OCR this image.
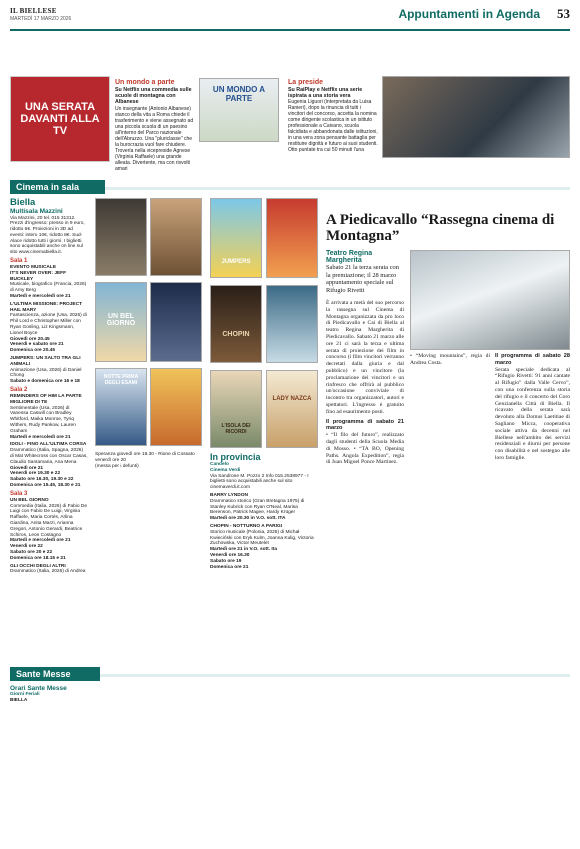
IL BIELLESE
MARTEDÌ 17 MARZO 2026	Appuntamenti in Agenda 53
UNA SERATA DAVANTI ALLA TV
Un mondo a parte
Su Netflix una commedia sulle scuole di montagna con Albanese
Un insegnante (Antonio Albanese) stanco della vita a Roma chiede il trasferimento e viene assegnato ad una piccola scuola di un paesino all'interno del Parco nazionale dell'Abruzzo. Una "pluriclasse" che la burocrazia vuol fare chiudere. Trovería nella vicepreside Agnese (Virginia Raffaele) una grande alleata. Divertente, ma con risvolti amari
UN MONDO A PARTE
La preside
Su RaiPlay e Netflix una serie ispirata a una storia vera
Eugenia Liguori (interpretata da Luisa Ranieri), dopo la rinuncia di tutti i vincitori del concorso, accetta la nomina come dirigente scolastica in un istituto professionale a Caivano, scuola falcidiata e abbandonata dalle istituzioni, in una vera zona pensante battaglia per restituire dignità e futuro ai suoi studenti. Otto puntate tra cui 50 minuti l'una
Cinema in sala
Biella
Multisala Mazzini
Via Mazzini, 20 tel. 015 31312. Prezzi d'ingresso: presso in 9 euro, ridotto 6€. Proiezioni in 3D ad eventi: intero 10€, ridotto 8€. Sud-Alace ridotto tutti i giorni. I biglietti sono acquistabili anche on line sul sito www.cinemabiella.it.
Sala 1
EVENTO MUSICALE
IT'S NEVER OVER: JEFF BUCKLEY
Musicale, biografico (Francia, 2026) di Amy Berg
Martedì e mercoledì ore 21
L'ULTIMA MISSIONE: PROJECT HAIL MARY
Fantascienza, azione (Usa, 2026) di Phil Lord e Christopher Miller con Ryan Gosling, Liz Kingsmann, Lionel Boyce
Giovedì ore 20.45
Venerdì e sabato ore 21
Domenica ore 20.45
JUMPERS: UN SALTO TRA GLI ANIMALI
Animazione (Usa, 2026) di Daniel Chong
Sabato e domenica ore 16 e 18
Sala 2
REMINDERS OF HIM LA PARTE MIGLIORE DI TE
Sentimentale (Usa, 2026) di Vanessa Caswill con Bradley Whitford, Maika Monroe, Tyriq Withers, Rudy Pankow, Lauren Graham
Martedì e mercoledì ore 21
IDOLI - FINO ALL'ULTIMA CORSA
Drammatico (Italia, Spagna, 2026) di Mat Whitecross con Oscar Casas, Claudio Santamaria, Ana Mena
Giovedì ore 21
Venerdì ore 19.30 e 22
Sabato ore 16.30, 19.30 e 22
Domenica ore 15.45, 18.30 e 21
Sala 3
UN BEL GIORNO
Commedia (Italia, 2026) di Fabio De Luigi con Fabio De Luigi, Virginia Raffaele, Maria Cortés, Arlina Giardina, Anita Marzi, Arianna Gregori, Antonio Gerardi, Beatrice Schiros, Leon Costagno
Martedì e mercoledì ore 21
Venerdì ore 22
Sabato ore 20 e 22
Domenica ore 18.15 e 21
GLI OCCHI DEGLI ALTRI
Drammatico (Italia, 2026) di Andrea
UN BEL GIORNO
NOTTE PRIMA DEGLI ESAMI
JUMPERS
CHOPIN
L'ISOLA DEI RICORDI
LADY NAZCA
A Piedicavallo “Rassegna cinema di Montagna”
Teatro Regina Margherita
Sabato 21 la terza serata con la premiazione; il 28 marzo appuntamento speciale sul Rifugio Rivetti
È arrivata a metà del suo percorso la rassegna sul Cinema di Montagna organizzata da pro loco di Piedicavallo e Cai di Biella al teatro Regina Margherita di Piedicavallo. Sabato 21 marzo alle ore 21 ci sarà la terza e ultima serata di proiezione dei film in concorso (i film vincitori verranno decretati dalla giuria e dal pubblico) e un vincitore (la proclamazione dei vincitori e un rinfresco che offrirà al pubblico un'occasione conviviale di incontro tra organizzatori, autori e spettatori. L'ingresso è gratuito fino ad esaurimento posti.
Il programma di sabato 21 marzo
• “Il filo del futuro”, realizzato dagli studenti della Scuola Media di Mosso. • “TA BO, Opening Paths. Angola Expedition”, regia di Juan Miguel Ponce Martinez.
• “Moving mountains”, regia di Andrea Costa.
Il programma di sabato 28 marzo
Serata speciale dedicata al “Rifugio Rivetti: 91 anni cantate al Rifugio” dalla Valle Cervo”, con una conferenza sulla storia del rifugio e il concerto del Coro Genzianella Città di Biella. Il ricavato della serata sarà devoluto alla Domus Laetitiae di Sagliano Micca, cooperativa sociale attiva da decenni nel Biellese nell'ambito dei servizi residenziali e diurni per persone con disabilità e nel sostegno alle loro famiglie.
In provincia
Candelo
Cinema Verdi
Via Sandrone M. Pozzo 2 Info 015.2538977 - I biglietti sono acquistabili anche sul sito cinemaverdi.it.com
BARRY LYNDON
Drammatico storico (Gran Bretagna 1975) di Stanley Kubrick con Ryan O'Neal, Marisa Berenson, Patrick Magee, Hardy Krüger
Martedì ore 20.30 in V.O. sott. ITA
CHOPIN - NOTTURNO A PARIGI
Storico musicale (Polonia, 2025) di Michał Kwieciński con Eryk Kulm, Joanna Kulig, Victoria Zuchowska, Victor Meutelet
Martedì ore 21 in V.O. sott. Ita
Venerdì ore 16.30
Sabato ore 19
Domenica ore 21
Speranza giovedì ore 18.30 - Rione di Cossato venerdì ore 20
(messa per i defunti)
Sante Messe
Orari Sante Messe
Giorni Feriali
BIELLA
